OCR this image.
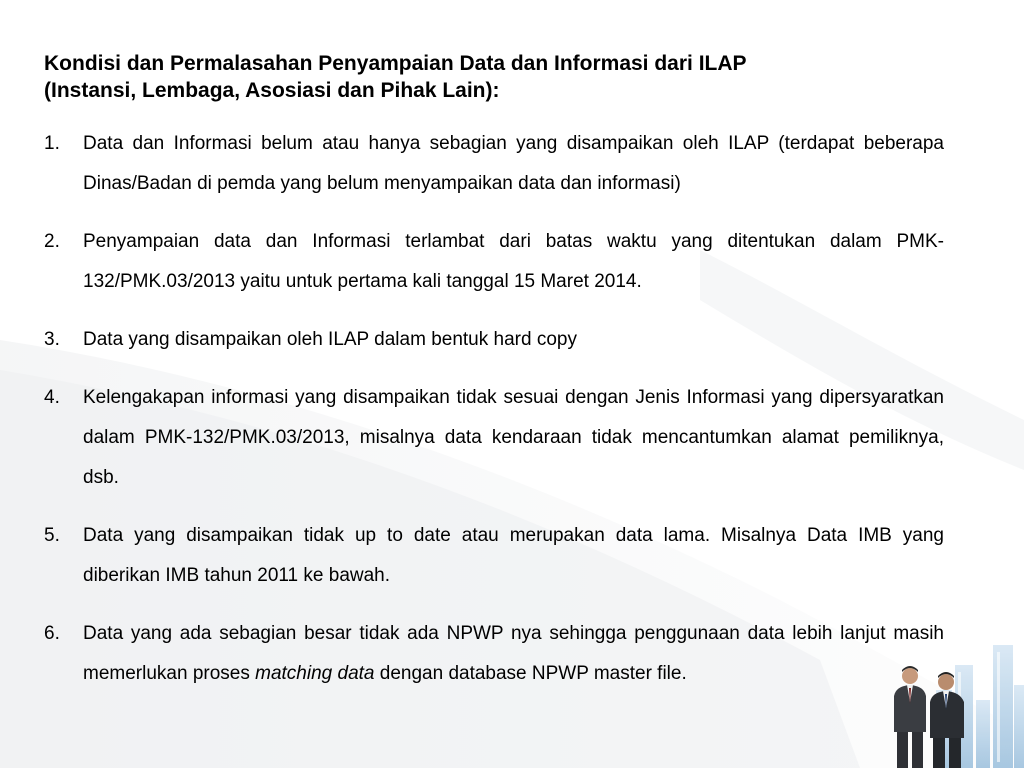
Kondisi dan Permalasahan Penyampaian Data dan Informasi dari ILAP
(Instansi, Lembaga, Asosiasi dan Pihak Lain):
1.	Data dan Informasi belum atau hanya sebagian yang disampaikan oleh ILAP (terdapat beberapa Dinas/Badan di pemda yang belum menyampaikan data dan informasi)
2.	Penyampaian data dan Informasi terlambat dari batas waktu yang ditentukan dalam PMK-132/PMK.03/2013 yaitu untuk pertama kali tanggal 15 Maret 2014.
3.	Data yang disampaikan oleh ILAP dalam bentuk hard copy
4.	Kelengakapan informasi yang disampaikan tidak sesuai dengan Jenis Informasi yang dipersyaratkan dalam PMK-132/PMK.03/2013, misalnya data kendaraan tidak mencantumkan alamat pemiliknya, dsb.
5.	Data yang disampaikan tidak up to date atau merupakan data lama. Misalnya Data IMB yang diberikan IMB tahun 2011 ke bawah.
6.	Data yang ada sebagian besar tidak ada NPWP nya sehingga penggunaan data lebih lanjut masih memerlukan proses matching data dengan database NPWP master file.
